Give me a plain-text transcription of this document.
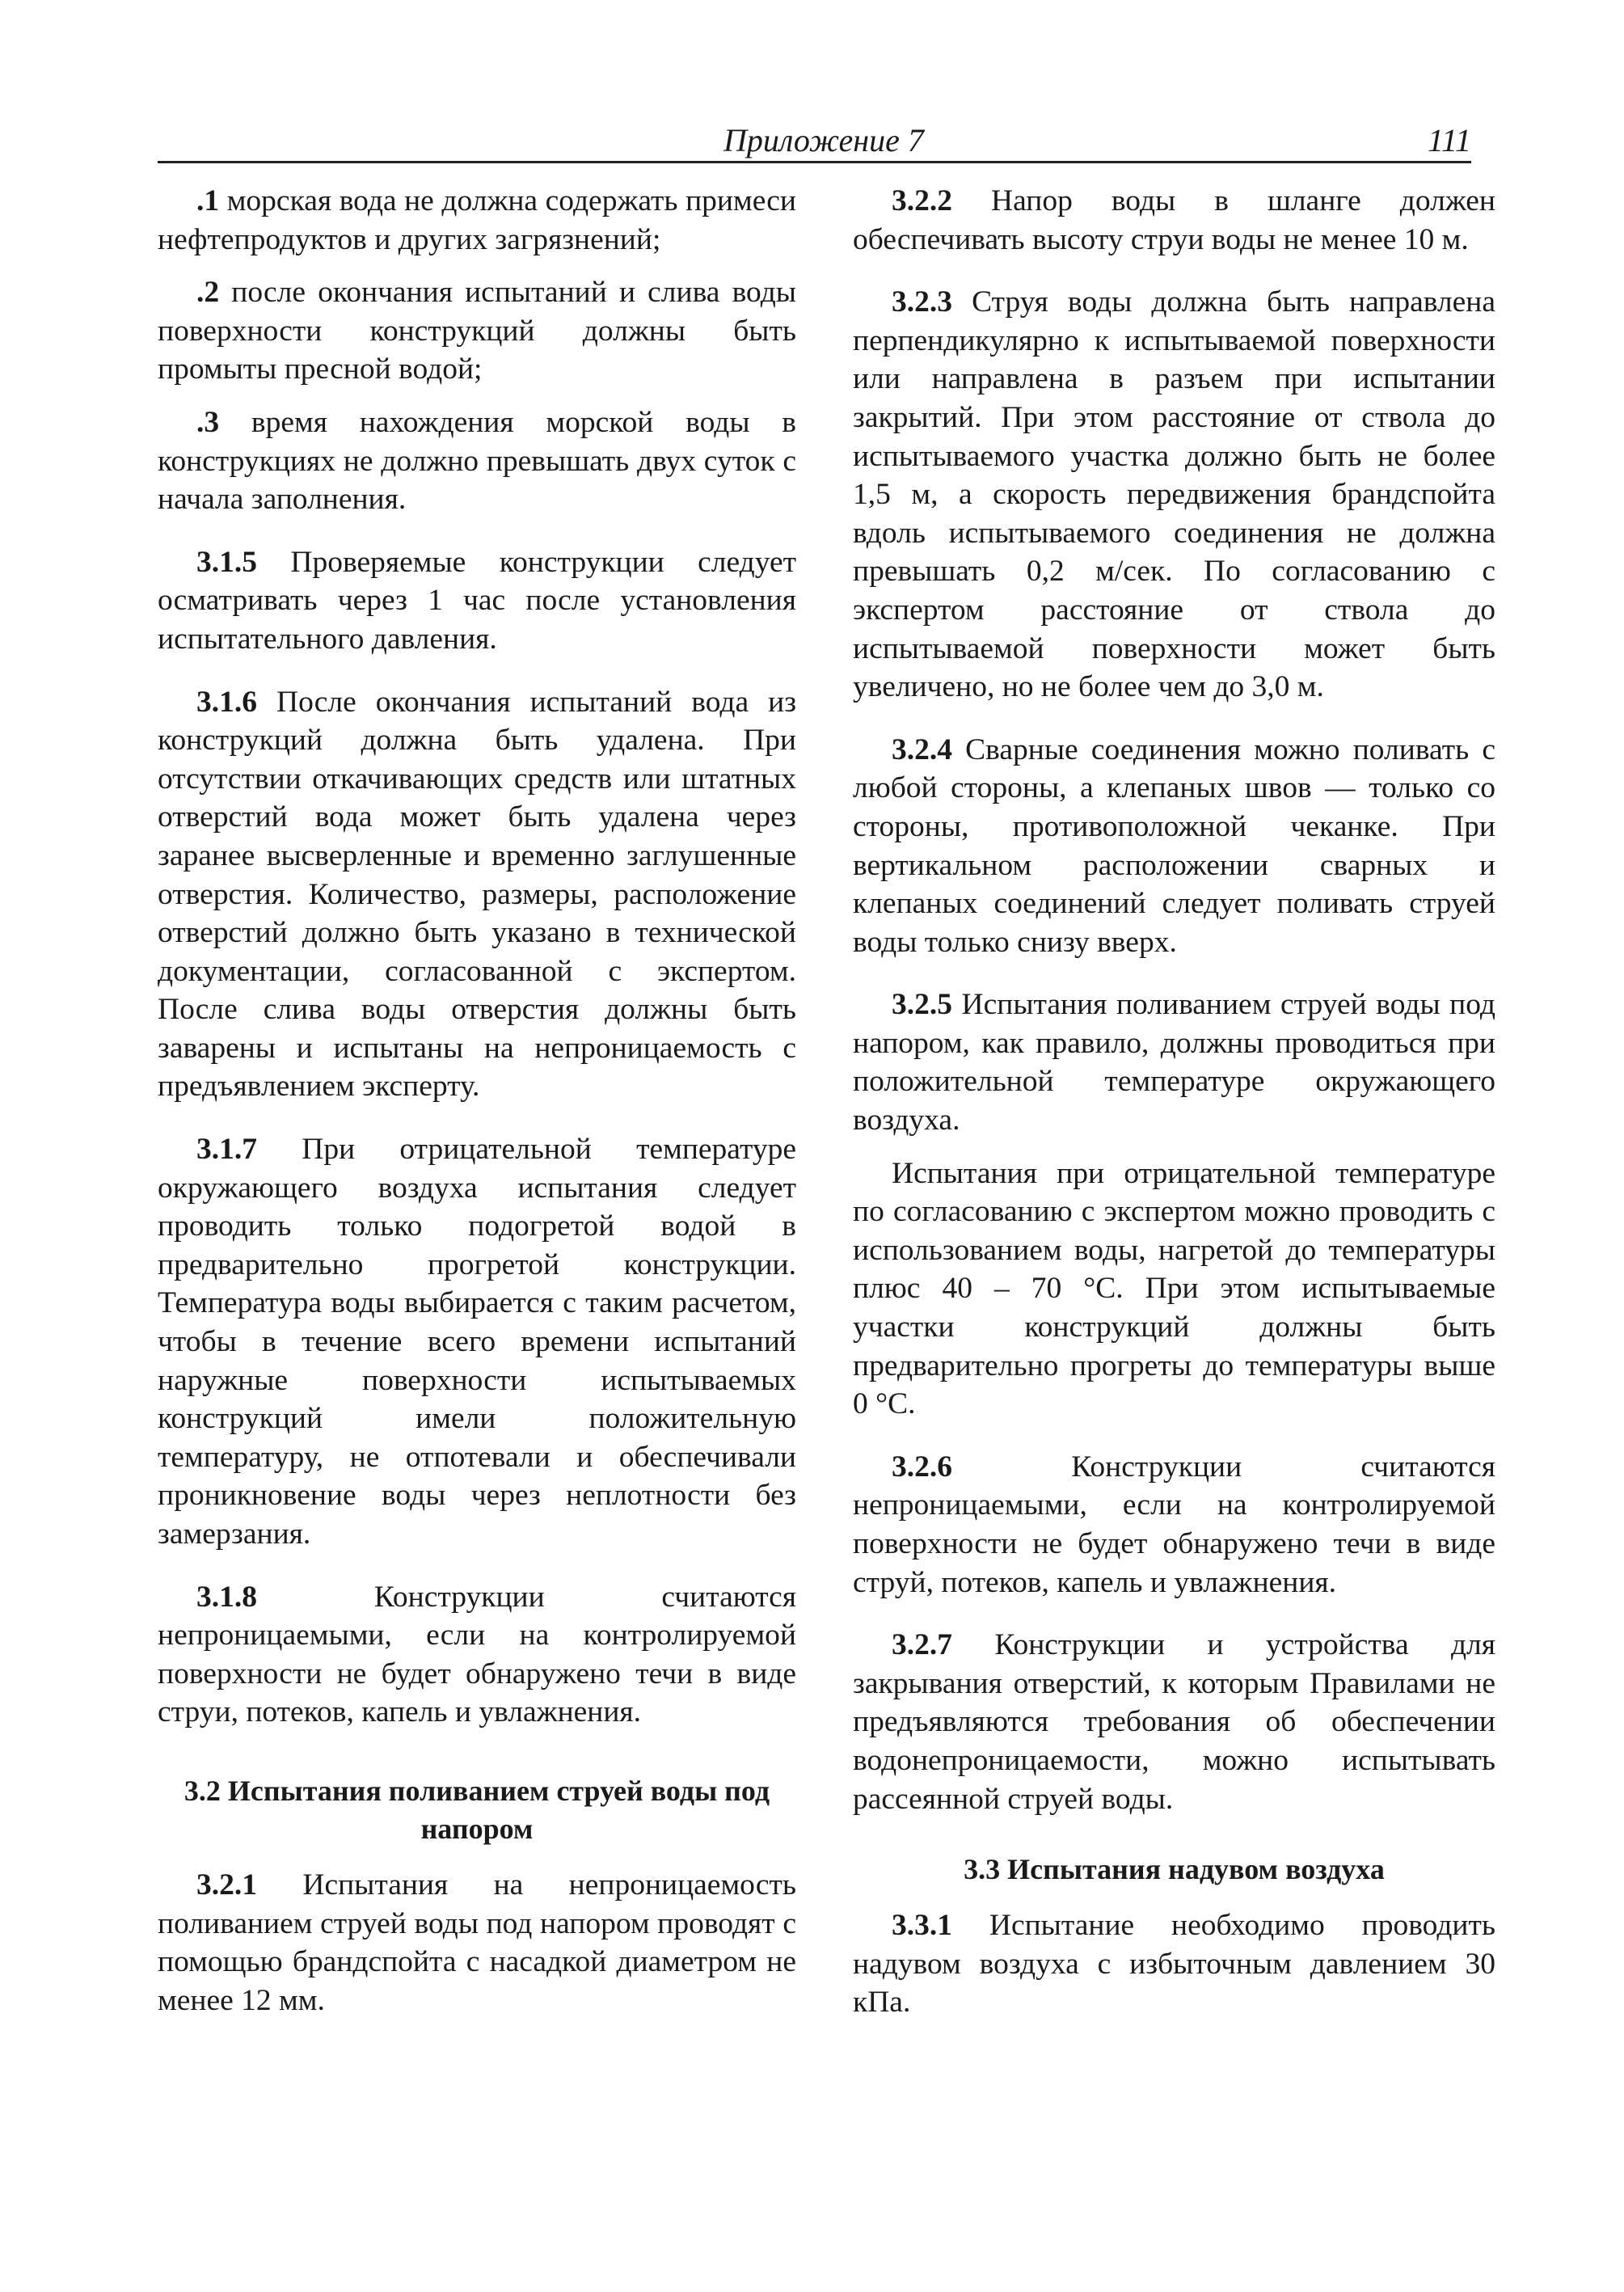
Приложение 7	111

.1 морская вода не должна содержать примеси нефтепродуктов и других загрязнений;

.2 после окончания испытаний и слива воды поверхности конструкций должны быть промыты пресной водой;

.3 время нахождения морской воды в конструкциях не должно превышать двух суток с начала заполнения.

3.1.5 Проверяемые конструкции следует осматривать через 1 час после установления испытательного давления.

3.1.6 После окончания испытаний вода из конструкций должна быть удалена. При отсутствии откачивающих средств или штатных отверстий вода может быть удалена через заранее высверленные и временно заглушенные отверстия. Количество, размеры, расположение отверстий должно быть указано в технической документации, согласованной с экспертом. После слива воды отверстия должны быть заварены и испытаны на непроницаемость с предъявлением эксперту.

3.1.7 При отрицательной температуре окружающего воздуха испытания следует проводить только подогретой водой в предварительно прогретой конструкции. Температура воды выбирается с таким расчетом, чтобы в течение всего времени испытаний наружные поверхности испытываемых конструкций имели положительную температуру, не отпотевали и обеспечивали проникновение воды через неплотности без замерзания.

3.1.8	Конструкции считаются непроницаемыми, если на контролируемой поверхности не будет обнаружено течи в виде струи, потеков, капель и увлажнения.

3.2 Испытания поливанием струей воды под напором

3.2.1 Испытания на непроницаемость поливанием струей воды под напором проводят с помощью брандспойта с насадкой диаметром не менее 12 мм.

3.2.2 Напор воды в шланге должен обеспечивать высоту струи воды не менее 10 м.

3.2.3 Струя воды должна быть направлена перпендикулярно к испытываемой поверхности или направлена в разъем при испытании закрытий. При этом расстояние от ствола до испытываемого участка должно быть не более 1,5 м, а скорость передвижения брандспойта вдоль испытываемого соединения не должна превышать 0,2 м/сек. По согласованию с экспертом расстояние от ствола до испытываемой поверхности может быть увеличено, но не более чем до 3,0 м.

3.2.4 Сварные соединения можно поливать с любой стороны, а клепаных швов — только со стороны, противоположной чеканке. При вертикальном расположении сварных и клепаных соединений следует поливать струей воды только снизу вверх.

3.2.5 Испытания поливанием струей воды под напором, как правило, должны проводиться при положительной температуре окружающего воздуха.

Испытания при отрицательной температуре по согласованию с экспертом можно проводить с использованием воды, нагретой до температуры плюс 40 – 70 °С. При этом испытываемые участки конструкций должны быть предварительно прогреты до температуры выше 0 °С.

3.2.6	Конструкции считаются непроницаемыми, если на контролируемой поверхности не будет обнаружено течи в виде струй, потеков, капель и увлажнения.

3.2.7 Конструкции и устройства для закрывания отверстий, к которым Правилами не предъявляются требования об обеспечении водонепроницаемости, можно испытывать рассеянной струей воды.

3.3 Испытания надувом воздуха

3.3.1 Испытание необходимо проводить надувом воздуха с избыточным давлением 30 кПа.
